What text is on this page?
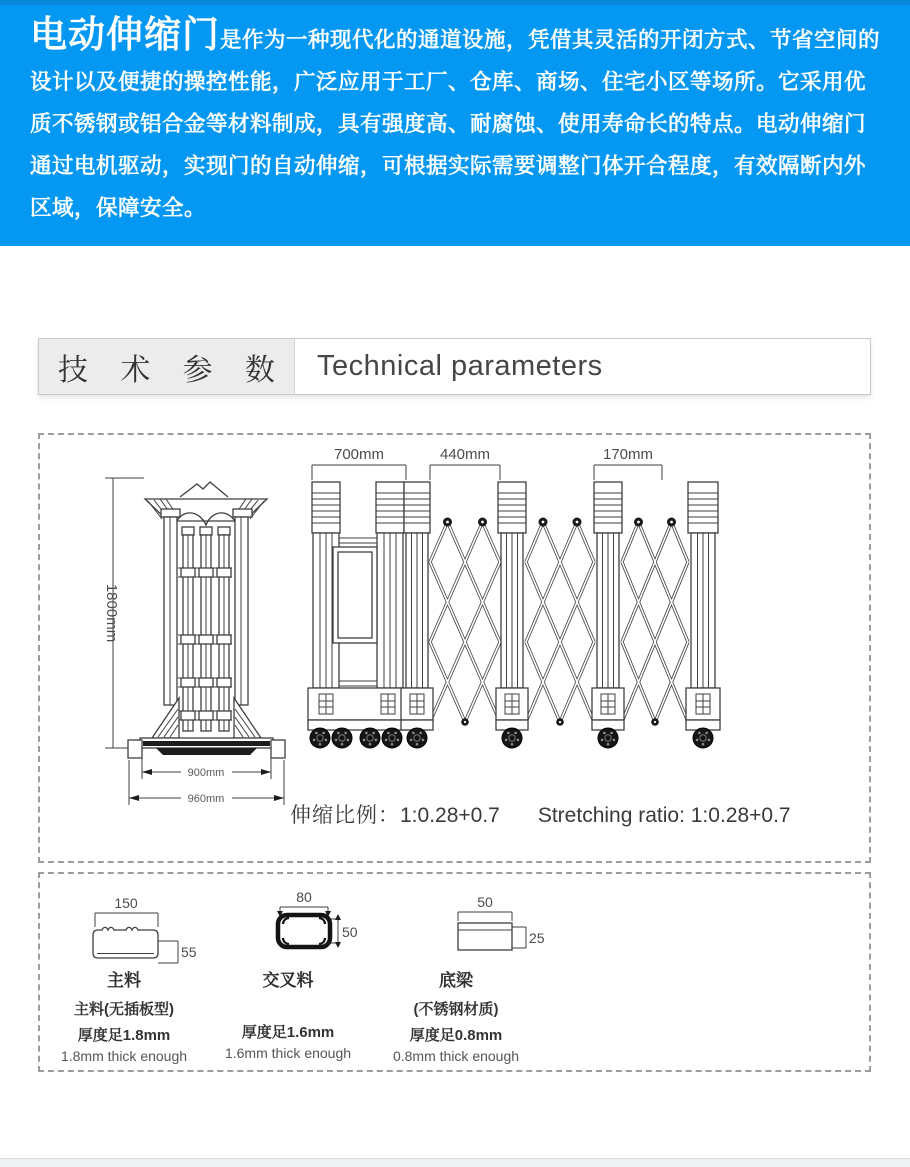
电动伸缩门是作为一种现代化的通道设施，凭借其灵活的开闭方式、节省空间的设计以及便捷的操控性能，广泛应用于工厂、仓库、商场、住宅小区等场所。它采用优质不锈钢或铝合金等材料制成，具有强度高、耐腐蚀、使用寿命长的特点。电动伸缩门通过电机驱动，实现门的自动伸缩，可根据实际需要调整门体开合程度，有效隔断内外区域，保障安全。
技 术 参 数	Technical parameters
1800mm
900mm
960mm
700mm	440mm	170mm
伸缩比例：1:0.28+0.7 Stretching ratio: 1:0.28+0.7
150
55
80
50
50
25
主料
主料(无插板型)
厚度足1.8mm
1.8mm thick enough
交叉料
厚度足1.6mm
1.6mm thick enough
底梁
(不锈钢材质)
厚度足0.8mm
0.8mm thick enough
